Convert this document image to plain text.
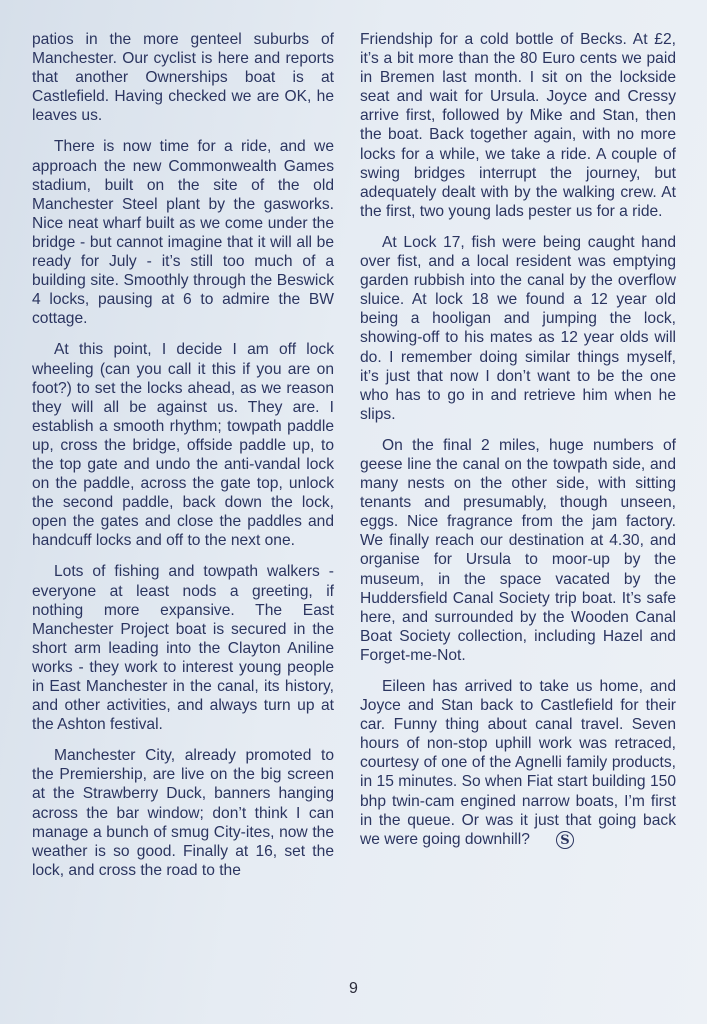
patios in the more genteel suburbs of Manchester. Our cyclist is here and reports that another Ownerships boat is at Castlefield. Having checked we are OK, he leaves us.

There is now time for a ride, and we approach the new Commonwealth Games stadium, built on the site of the old Manchester Steel plant by the gasworks. Nice neat wharf built as we come under the bridge - but cannot imagine that it will all be ready for July - it’s still too much of a building site. Smoothly through the Beswick 4 locks, pausing at 6 to admire the BW cottage.

At this point, I decide I am off lock wheeling (can you call it this if you are on foot?) to set the locks ahead, as we reason they will all be against us. They are. I establish a smooth rhythm; towpath paddle up, cross the bridge, offside paddle up, to the top gate and undo the anti-vandal lock on the paddle, across the gate top, unlock the second paddle, back down the lock, open the gates and close the paddles and handcuff locks and off to the next one.

Lots of fishing and towpath walkers - everyone at least nods a greeting, if nothing more expansive. The East Manchester Project boat is secured in the short arm leading into the Clayton Aniline works - they work to interest young people in East Manchester in the canal, its history, and other activities, and always turn up at the Ashton festival.

Manchester City, already promoted to the Premiership, are live on the big screen at the Strawberry Duck, banners hanging across the bar window; don’t think I can manage a bunch of smug City-ites, now the weather is so good. Finally at 16, set the lock, and cross the road to the

Friendship for a cold bottle of Becks. At £2, it’s a bit more than the 80 Euro cents we paid in Bremen last month. I sit on the lockside seat and wait for Ursula. Joyce and Cressy arrive first, followed by Mike and Stan, then the boat. Back together again, with no more locks for a while, we take a ride. A couple of swing bridges interrupt the journey, but adequately dealt with by the walking crew. At the first, two young lads pester us for a ride.

At Lock 17, fish were being caught hand over fist, and a local resident was emptying garden rubbish into the canal by the overflow sluice. At lock 18 we found a 12 year old being a hooligan and jumping the lock, showing-off to his mates as 12 year olds will do. I remember doing similar things myself, it’s just that now I don’t want to be the one who has to go in and retrieve him when he slips.

On the final 2 miles, huge numbers of geese line the canal on the towpath side, and many nests on the other side, with sitting tenants and presumably, though unseen, eggs. Nice fragrance from the jam factory. We finally reach our destination at 4.30, and organise for Ursula to moor-up by the museum, in the space vacated by the Huddersfield Canal Society trip boat. It’s safe here, and surrounded by the Wooden Canal Boat Society collection, including Hazel and Forget-me-Not.

Eileen has arrived to take us home, and Joyce and Stan back to Castlefield for their car. Funny thing about canal travel. Seven hours of non-stop uphill work was retraced, courtesy of one of the Agnelli family products, in 15 minutes. So when Fiat start building 150 bhp twin-cam engined narrow boats, I’m first in the queue. Or was it just that going back we were going downhill? S

9
